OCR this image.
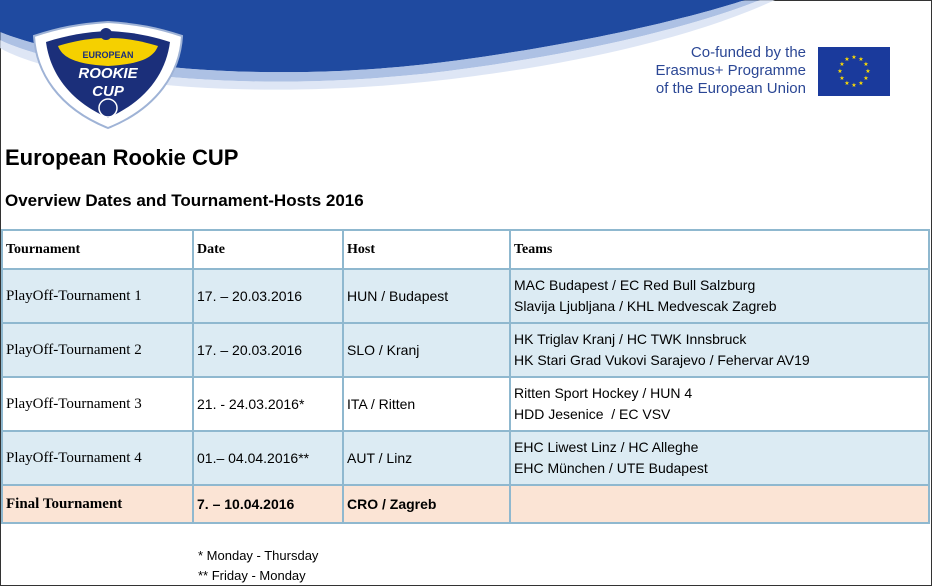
EUROPEAN
ROOKIE
CUP
Co-funded by the
Erasmus+ Programme
of the European Union
★ ★
★
★
★
★
★
★
★
★
★
★
European Rookie CUP
Overview Dates and Tournament-Hosts 2016
Tournament	Date	Host	Teams
PlayOff-Tournament 1	17. – 20.03.2016	HUN / Budapest	MAC Budapest / EC Red Bull Salzburg
Slavija Ljubljana / KHL Medvescak Zagreb

PlayOff-Tournament 2	17. – 20.03.2016	SLO / Kranj	HK Triglav Kranj / HC TWK Innsbruck
HK Stari Grad Vukovi Sarajevo / Fehervar AV19

PlayOff-Tournament 3	21. - 24.03.2016*	ITA / Ritten	Ritten Sport Hockey / HUN 4
HDD Jesenice  / EC VSV

PlayOff-Tournament 4	01.– 04.04.2016**	AUT / Linz	EHC Liwest Linz / HC Alleghe
EHC München / UTE Budapest

Final Tournament	7. – 10.04.2016	CRO / Zagreb	
* Monday - Thursday
** Friday - Monday
